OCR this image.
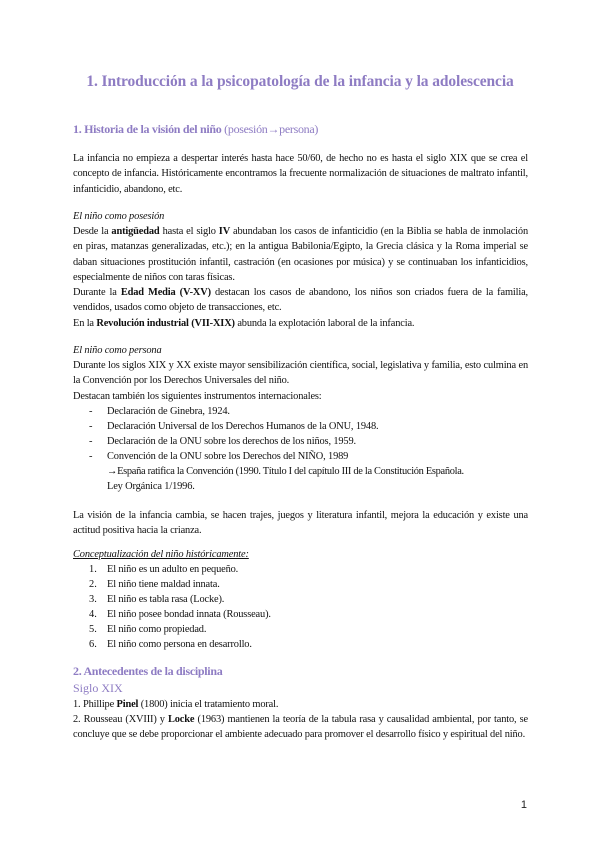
1. Introducción a la psicopatología de la infancia y la adolescencia
1. Historia de la visión del niño (posesión→persona)
La infancia no empieza a despertar interés hasta hace 50/60, de hecho no es hasta el siglo XIX que se crea el concepto de infancia. Históricamente encontramos la frecuente normalización de situaciones de maltrato infantil, infanticidio, abandono, etc.
El niño como posesión
Desde la antigüedad hasta el siglo IV abundaban los casos de infanticidio (en la Biblia se habla de inmolación en piras, matanzas generalizadas, etc.); en la antigua Babilonia/Egipto, la Grecia clásica y la Roma imperial se daban situaciones prostitución infantil, castración (en ocasiones por música) y se continuaban los infanticidios, especialmente de niños con taras físicas.
Durante la Edad Media (V-XV) destacan los casos de abandono, los niños son criados fuera de la familia, vendidos, usados como objeto de transacciones, etc.
En la Revolución industrial (VII-XIX) abunda la explotación laboral de la infancia.
El niño como persona
Durante los siglos XIX y XX existe mayor sensibilización científica, social, legislativa y familia, esto culmina en la Convención por los Derechos Universales del niño.
Destacan también los siguientes instrumentos internacionales:
- Declaración de Ginebra, 1924.
- Declaración Universal de los Derechos Humanos de la ONU, 1948.
- Declaración de la ONU sobre los derechos de los niños, 1959.
- Convención de la ONU sobre los Derechos del NIÑO, 1989
→España ratifica la Convención (1990. Título I del capítulo III de la Constitución Española.
Ley Orgánica 1/1996.
La visión de la infancia cambia, se hacen trajes, juegos y literatura infantil, mejora la educación y existe una actitud positiva hacia la crianza.
Conceptualización del niño históricamente:
1. El niño es un adulto en pequeño.
2. El niño tiene maldad innata.
3. El niño es tabla rasa (Locke).
4. El niño posee bondad innata (Rousseau).
5. El niño como propiedad.
6. El niño como persona en desarrollo.
2. Antecedentes de la disciplina
Siglo XIX
1. Phillipe Pinel (1800) inicia el tratamiento moral.
2. Rousseau (XVIII) y Locke (1963) mantienen la teoría de la tabula rasa y causalidad ambiental, por tanto, se concluye que se debe proporcionar el ambiente adecuado para promover el desarrollo físico y espiritual del niño.
1
